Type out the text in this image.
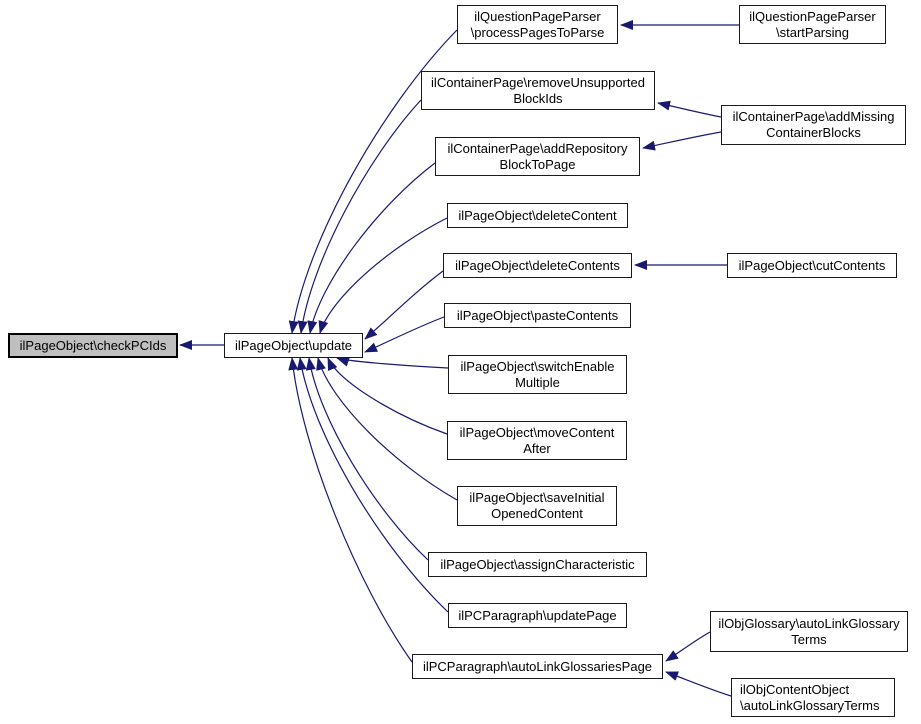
ilPageObject\checkPCIds	ilPageObject\update
ilQuestionPageParser
\processPagesToParse
ilQuestionPageParser
\startParsing
ilContainerPage\removeUnsupported
BlockIds
ilContainerPage\addMissing
ContainerBlocks
ilContainerPage\addRepository
BlockToPage
ilPageObject\deleteContent
ilPageObject\deleteContents	ilPageObject\cutContents
ilPageObject\pasteContents
ilPageObject\switchEnable
Multiple
ilPageObject\moveContent
After
ilPageObject\saveInitial
OpenedContent
ilPageObject\assignCharacteristic
ilPCParagraph\updatePage
ilPCParagraph\autoLinkGlossariesPage
ilObjGlossary\autoLinkGlossary
Terms
ilObjContentObject
\autoLinkGlossaryTerms
